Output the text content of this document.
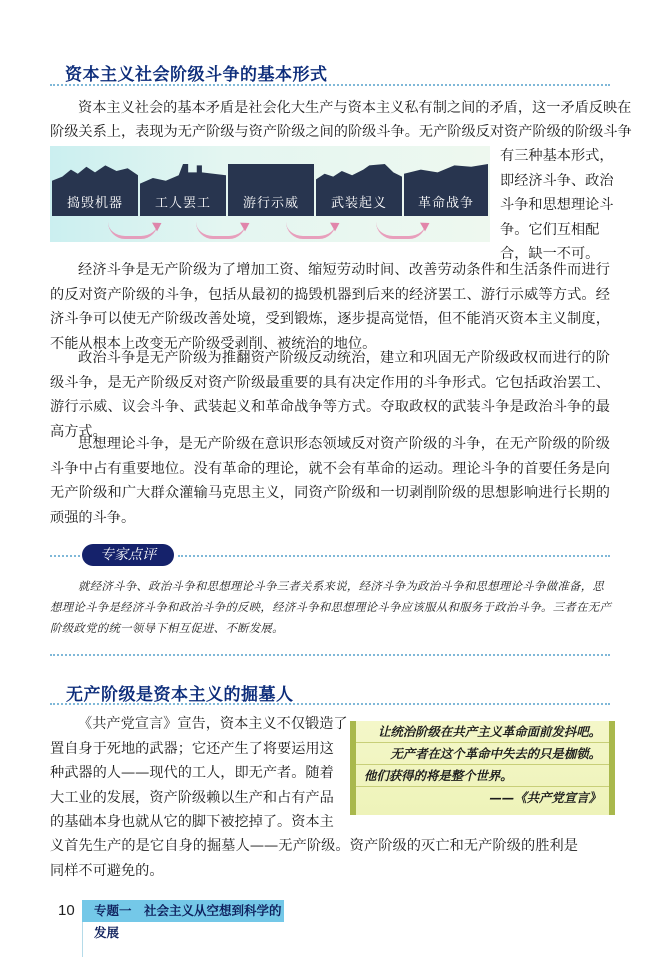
资本主义社会阶级斗争的基本形式
资本主义社会的基本矛盾是社会化大生产与资本主义私有制之间的矛盾，这一矛盾反映在
阶级关系上，表现为无产阶级与资产阶级之间的阶级斗争。无产阶级反对资产阶级的阶级斗争
捣毁机器	工人罢工	游行示威	武装起义	革命战争
有三种基本形式，
即经济斗争、政治
斗争和思想理论斗
争。它们互相配
合，缺一不可。
经济斗争是无产阶级为了增加工资、缩短劳动时间、改善劳动条件和生活条件而进行的反对资产阶级的斗争，包括从最初的捣毁机器到后来的经济罢工、游行示威等方式。经济斗争可以使无产阶级改善处境，受到锻炼，逐步提高觉悟，但不能消灭资本主义制度，不能从根本上改变无产阶级受剥削、被统治的地位。
政治斗争是无产阶级为推翻资产阶级反动统治，建立和巩固无产阶级政权而进行的阶级斗争，是无产阶级反对资产阶级最重要的具有决定作用的斗争形式。它包括政治罢工、游行示威、议会斗争、武装起义和革命战争等方式。夺取政权的武装斗争是政治斗争的最高方式。
思想理论斗争，是无产阶级在意识形态领域反对资产阶级的斗争，在无产阶级的阶级斗争中占有重要地位。没有革命的理论，就不会有革命的运动。理论斗争的首要任务是向无产阶级和广大群众灌输马克思主义，同资产阶级和一切剥削阶级的思想影响进行长期的顽强的斗争。
专家点评
就经济斗争、政治斗争和思想理论斗争三者关系来说，经济斗争为政治斗争和思想理论斗争做准备，思想理论斗争是经济斗争和政治斗争的反映，经济斗争和思想理论斗争应该服从和服务于政治斗争。三者在无产阶级政党的统一领导下相互促进、不断发展。
无产阶级是资本主义的掘墓人
《共产党宣言》宣告，资本主义不仅锻造了
置自身于死地的武器；它还产生了将要运用这
种武器的人——现代的工人，即无产者。随着
大工业的发展，资产阶级赖以生产和占有产品
的基础本身也就从它的脚下被挖掉了。资本主
义首先生产的是它自身的掘墓人——无产阶级。资产阶级的灭亡和无产阶级的胜利是同样不可避免的。
让统治阶级在共产主义革命面前发抖吧。
无产者在这个革命中失去的只是枷锁。
他们获得的将是整个世界。
——《共产党宣言》
10	专题一　社会主义从空想到科学的发展
